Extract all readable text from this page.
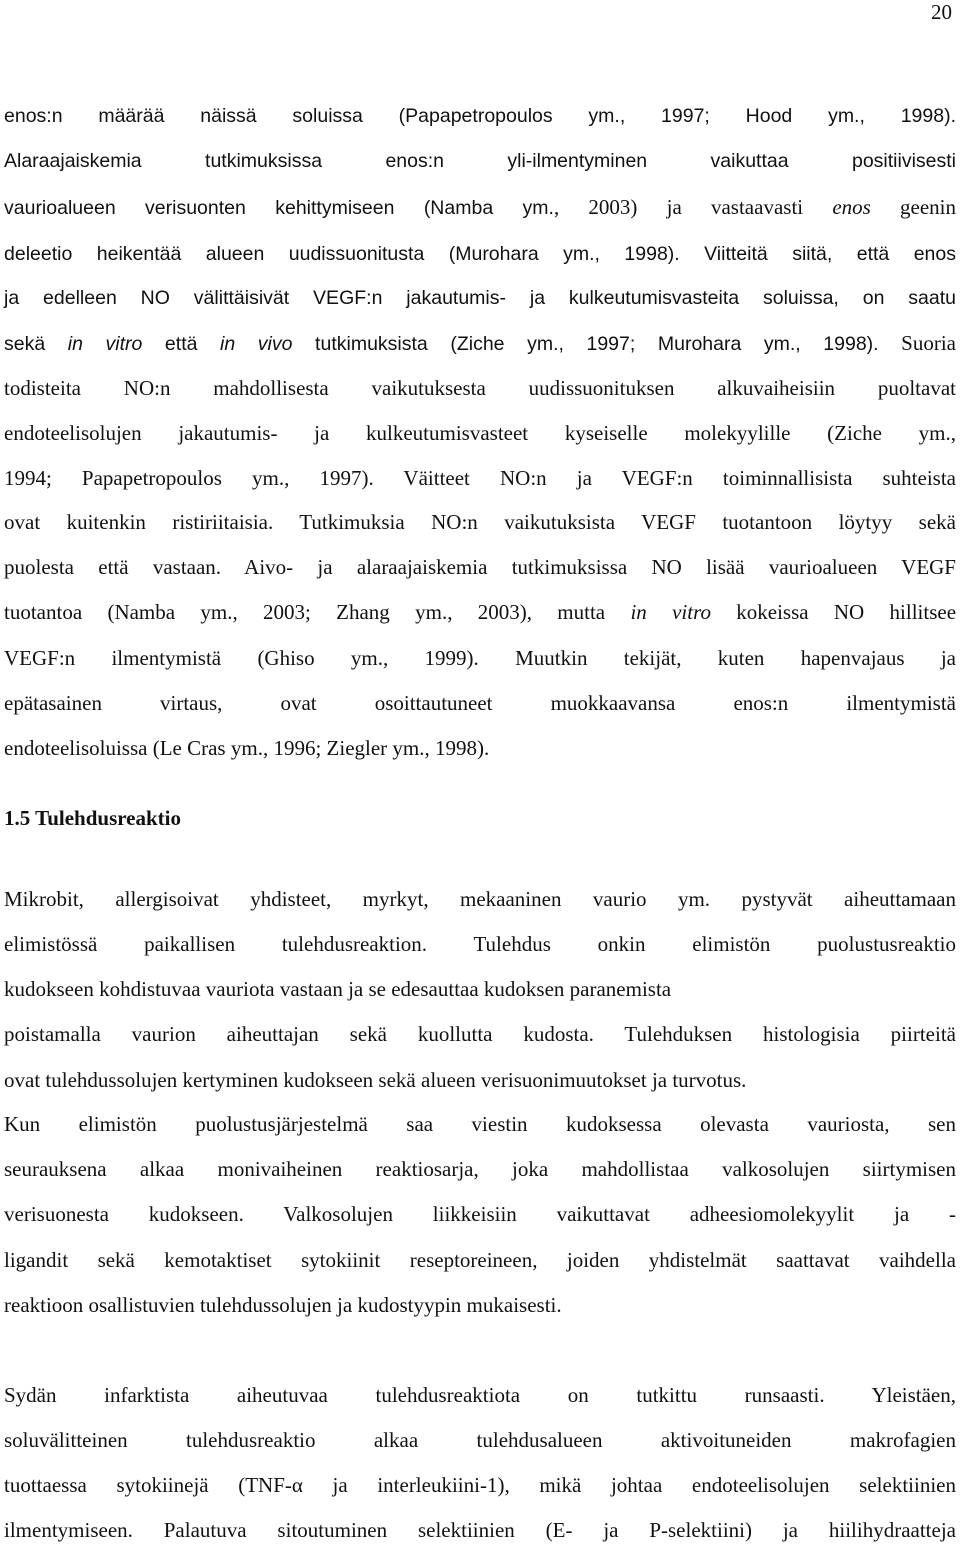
20
enos:n määrää näissä soluissa (Papapetropoulos ym., 1997; Hood ym., 1998).
Alaraajaiskemia tutkimuksissa enos:n yli-ilmentyminen vaikuttaa positiivisesti
vaurioalueen verisuonten kehittymiseen (Namba ym., 2003) ja vastaavasti enos geenin
deleetio heikentää alueen uudissuonitusta (Murohara ym., 1998). Viitteitä siitä, että enos
ja edelleen NO välittäisivät VEGF:n jakautumis- ja kulkeutumisvasteita soluissa, on saatu
sekä in vitro että in vivo tutkimuksista (Ziche ym., 1997; Murohara ym., 1998). Suoria
todisteita NO:n mahdollisesta vaikutuksesta uudissuonituksen alkuvaiheisiin puoltavat
endoteelisolujen jakautumis- ja kulkeutumisvasteet kyseiselle molekyylille (Ziche ym.,
1994; Papapetropoulos ym., 1997). Väitteet NO:n ja VEGF:n toiminnallisista suhteista
ovat kuitenkin ristiriitaisia. Tutkimuksia NO:n vaikutuksista VEGF tuotantoon löytyy sekä
puolesta että vastaan. Aivo- ja alaraajaiskemia tutkimuksissa NO lisää vaurioalueen VEGF
tuotantoa (Namba ym., 2003; Zhang ym., 2003), mutta in vitro kokeissa NO hillitsee
VEGF:n ilmentymistä (Ghiso ym., 1999). Muutkin tekijät, kuten hapenvajaus ja
epätasainen virtaus, ovat osoittautuneet muokkaavansa enos:n ilmentymistä
endoteelisoluissa (Le Cras ym., 1996; Ziegler ym., 1998).
1.5 Tulehdusreaktio
Mikrobit, allergisoivat yhdisteet, myrkyt, mekaaninen vaurio ym. pystyvät aiheuttamaan
elimistössä paikallisen tulehdusreaktion. Tulehdus onkin elimistön puolustusreaktio
kudokseen kohdistuvaa vauriota vastaan ja se edesauttaa kudoksen paranemista
poistamalla vaurion aiheuttajan sekä kuollutta kudosta. Tulehduksen histologisia piirteitä
ovat tulehdussolujen kertyminen kudokseen sekä alueen verisuonimuutokset ja turvotus.
Kun elimistön puolustusjärjestelmä saa viestin kudoksessa olevasta vauriosta, sen
seurauksena alkaa monivaiheinen reaktiosarja, joka mahdollistaa valkosolujen siirtymisen
verisuonesta kudokseen. Valkosolujen liikkeisiin vaikuttavat adheesiomolekyylit ja -
ligandit sekä kemotaktiset sytokiinit reseptoreineen, joiden yhdistelmät saattavat vaihdella
reaktioon osallistuvien tulehdussolujen ja kudostyypin mukaisesti.
Sydän infarktista aiheutuvaa tulehdusreaktiota on tutkittu runsaasti. Yleistäen,
soluvälitteinen tulehdusreaktio alkaa tulehdusalueen aktivoituneiden makrofagien
tuottaessa sytokiinejä (TNF-α ja interleukiini-1), mikä johtaa endoteelisolujen selektiinien
ilmentymiseen. Palautuva sitoutuminen selektiinien (E- ja P-selektiini) ja hiilihydraatteja
